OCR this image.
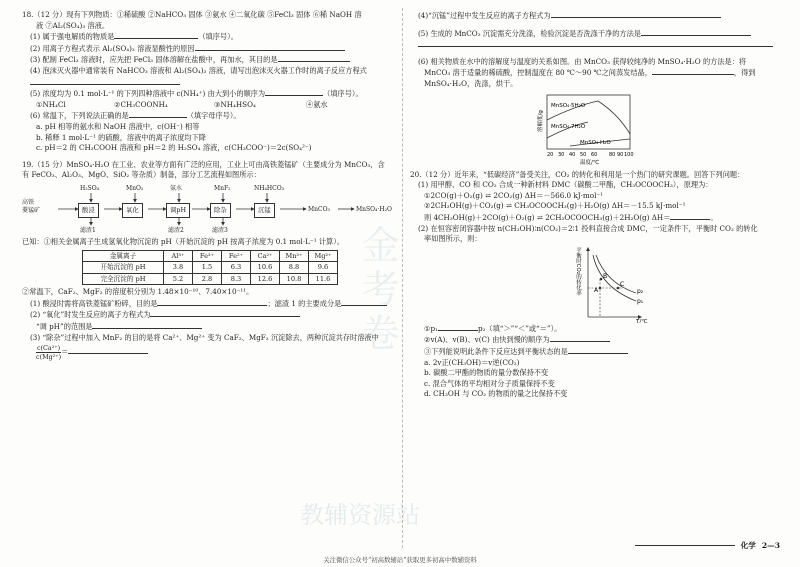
金考卷
教辅资源站
18.（12 分）现有下列物质：①稀硫酸 ②NaHCO₃ 固体 ③氨水 ④二氧化碳 ⑤FeCl₃ 固体 ⑥稀 NaOH 溶
液 ⑦Al₂(SO₄)₃ 溶液。
(1) 属于强电解质的物质是	（填序号）。
(2) 用离子方程式表示 Al₂(SO₄)₃ 溶液显酸性的原因
(3) 配制 FeCl₃ 溶液时，应先把 FeCl₃ 固体溶解在盐酸中，再加水，其目的是
(4) 泡沫灭火器中通常装有 NaHCO₃ 溶液和 Al₂(SO₄)₃ 溶液，请写出泡沫灭火器工作时的离子反应方程式
(5) 浓度均为 0.1 mol·L⁻¹ 的下列四种溶液中 c(NH₄⁺) 由大到小的顺序为	（填序号）。
①NH₄Cl	②CH₃COONH₄	③NH₄HSO₄	④氨水
(6) 常温下，下列说法正确的是	（填字母序号）。
a. pH 相等的氨水和 NaOH 溶液中，c(OH⁻) 相等
b. 稀释 1 mol·L⁻¹ 的硫酸，溶液中的离子浓度均下降
c. pH＝2 的 CH₃COOH 溶液和 pH＝2 的 H₂SO₄ 溶液，c(CH₃COO⁻)＝2c(SO₄²⁻)
19.（15 分）MnSO₄·H₂O 在工业、农业等方面有广泛的应用，工业上可由高铁菱锰矿（主要成分为 MnCO₃，含
有 FeCO₃、Al₂O₃、MgO、SiO₂ 等杂质）制备，部分工艺流程如图所示：
高铁
菱锰矿
H₂SO₄	MnO₂	氨水	MnF₂	NH₄HCO₃
酸浸	氧化	调pH	除杂	沉锰	MnCO₃	MnSO₄·H₂O
滤渣1	滤渣2	滤渣3
已知：①相关金属离子生成氢氧化物沉淀的 pH（开始沉淀的 pH 按离子浓度为 0.1 mol·L⁻¹ 计算）。
金属离子	Al³⁺	Fe³⁺	Fe²⁺	Ca²⁺	Mn²⁺	Mg²⁺
开始沉淀的 pH	3.8	1.5	6.3	10.6	8.8	9.6
完全沉淀的 pH	5.2	2.8	8.3	12.6	10.8	11.6
②常温下，CaF₂、MgF₂ 的溶度积分别为 1.48×10⁻¹⁰、7.40×10⁻¹¹。
(1) 酸浸时需将高铁菱锰矿粉碎，目的是	；滤渣 1 的主要成分是
(2) “氧化”时发生反应的离子方程式为
“调 pH”的范围是
(3) “除杂”过程中加入 MnF₂ 的目的是将 Ca²⁺、Mg²⁺ 变为 CaF₂、MgF₂ 沉淀除去，两种沉淀共存时溶液中
$\frac{\text{c(Ca²⁺)}}{\text{c(Mg²⁺)}}$ ＝
(4)“沉锰”过程中发生反应的离子方程式为
(5) 生成的 MnCO₃ 沉淀需充分洗涤，检验沉淀是否洗涤干净的方法是
(6) 相关物质在水中的溶解度与温度的关系如图。由 MnCO₃ 获得较纯净的 MnSO₄·H₂O 的方法是：将
MnCO₃ 溶于适量的稀硫酸，控制温度在 80 ℃～90 ℃之间蒸发结晶，	，得到
MnSO₄·H₂O，洗涤，烘干。
MnSO₄·5H₂O
MnSO₄·7H₂O
MnSO₄·H₂O
溶解度/g
20 30 40 50 60 80 90 100
温度/℃
20.（12 分）近年来，“低碳经济”备受关注，CO₂ 的转化和利用是一个热门的研究课题。回答下列问题：
(1) 用甲醇、CO 和 CO₂ 合成一种新材料 DMC（碳酸二甲酯，CH₃OCOOCH₃），原理为：
①2CO(g)＋O₂(g) ⇌ 2CO₂(g) ΔH＝－566.0 kJ·mol⁻¹
②2CH₃OH(g)＋CO₂(g) ⇌ CH₃OCOOCH₃(g)＋H₂O(g) ΔH＝－15.5 kJ·mol⁻¹
则 4CH₃OH(g)＋2CO(g)＋O₂(g) ⇌ 2CH₃OCOOCH₃(g)＋2H₂O(g) ΔH＝	。
(2) 在恒容密闭容器中按 n(CH₃OH)∶n(CO₂)＝2∶1 投料直接合成 DMC，一定条件下，平衡时 CO₂ 的转化
率如图所示，则：
A
B
C
p₁
p₂
T/℃
平衡时CO₂的转化率
①p₁	p₂（填“＞”“＜”或“＝”）。
②v(A)、v(B)、v(C) 由快到慢的顺序为
③下列能说明此条件下反应达到平衡状态的是
a. 2v正(CH₃OH)＝v逆(CO₂)
b. 碳酸二甲酯的物质的量分数保持不变
c. 混合气体的平均相对分子质量保持不变
d. CH₃OH 与 CO₂ 的物质的量之比保持不变
化学 2—3
关注微信公众号“初高数辅站”获取更多初高中数辅资料
